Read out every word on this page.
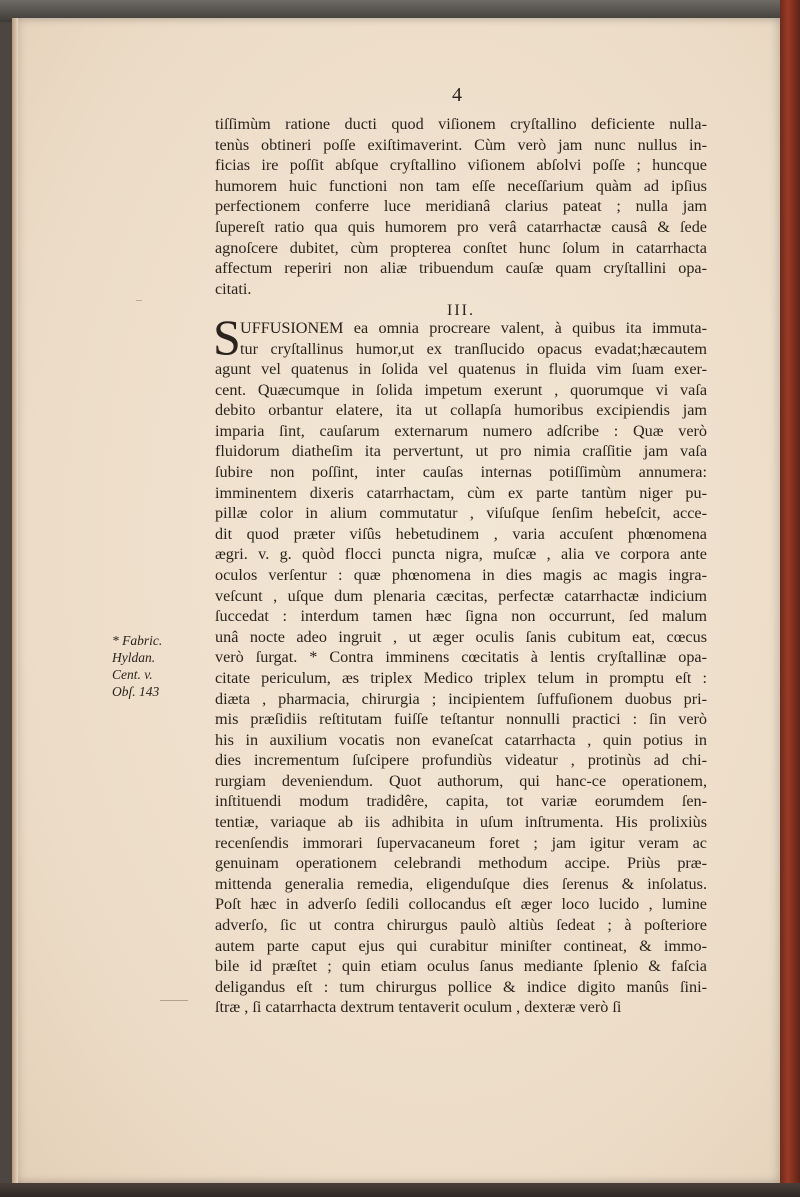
4
tiſſimùm ratione ducti quod viſionem cryſtallino deficiente nulla-
tenùs obtineri poſſe exiſtimaverint. Cùm verò jam nunc nullus in-
ficias ire poſſit abſque cryſtallino viſionem abſolvi poſſe ; huncque
humorem huic functioni non tam eſſe neceſſarium quàm ad ipſius
perfectionem conferre luce meridianâ clarius pateat ; nulla jam
ſupereſt ratio qua quis humorem pro verâ catarrhactæ causâ & ſede
agnoſcere dubitet, cùm propterea conſtet hunc ſolum in catarrhacta
affectum reperiri non aliæ tribuendum cauſæ quam cryſtallini opa-
citati.
III.
S UFFUSIONEM ea omnia procreare valent, à quibus ita immuta-
tur cryſtallinus humor,ut ex tranſlucido opacus evadat;hæcautem
agunt vel quatenus in ſolida vel quatenus in fluida vim ſuam exer-
cent. Quæcumque in ſolida impetum exerunt , quorumque vi vaſa
debito orbantur elatere, ita ut collapſa humoribus excipiendis jam
imparia ſint, cauſarum externarum numero adſcribe : Quæ verò
fluidorum diatheſim ita pervertunt, ut pro nimia craſſitie jam vaſa
ſubire non poſſint, inter cauſas internas potiſſimùm annumera:
imminentem dixeris catarrhactam, cùm ex parte tantùm niger pu-
pillæ color in alium commutatur , viſuſque ſenſim hebeſcit, acce-
dit quod præter viſûs hebetudinem , varia accuſent phœnomena
ægri. v. g. quòd flocci puncta nigra, muſcæ , alia ve corpora ante
oculos verſentur : quæ phœnomena in dies magis ac magis ingra-
veſcunt , uſque dum plenaria cæcitas, perfectæ catarrhactæ indicium
ſuccedat : interdum tamen hæc ſigna non occurrunt, ſed malum
unâ nocte adeo ingruit , ut æger oculis ſanis cubitum eat, cœcus
verò ſurgat. * Contra imminens cœcitatis à lentis cryſtallinæ opa-
citate periculum, æs triplex Medico triplex telum in promptu eſt :
diæta , pharmacia, chirurgia ; incipientem ſuffuſionem duobus pri-
mis præſidiis reſtitutam fuiſſe teſtantur nonnulli practici : ſin verò
his in auxilium vocatis non evaneſcat catarrhacta , quin potius in
dies incrementum ſuſcipere profundiùs videatur , protinùs ad chi-
rurgiam deveniendum. Quot authorum, qui hanc-ce operationem,
inſtituendi modum tradidêre, capita, tot variæ eorumdem ſen-
tentiæ, variaque ab iis adhibita in uſum inſtrumenta. His prolixiùs
recenſendis immorari ſupervacaneum foret ; jam igitur veram ac
genuinam operationem celebrandi methodum accipe. Priùs præ-
mittenda generalia remedia, eligenduſque dies ſerenus & inſolatus.
Poſt hæc in adverſo ſedili collocandus eſt æger loco lucido , lumine
adverſo, ſic ut contra chirurgus paulò altiùs ſedeat ; à poſteriore
autem parte caput ejus qui curabitur miniſter contineat, & immo-
bile id præſtet ; quin etiam oculus ſanus mediante ſplenio & faſcia
deligandus eſt : tum chirurgus pollice & indice digito manûs ſini-
ſtræ , ſi catarrhacta dextrum tentaverit oculum , dexteræ verò ſi
* Fabric.
Hyldan.
Cent. v.
Obſ. 143
